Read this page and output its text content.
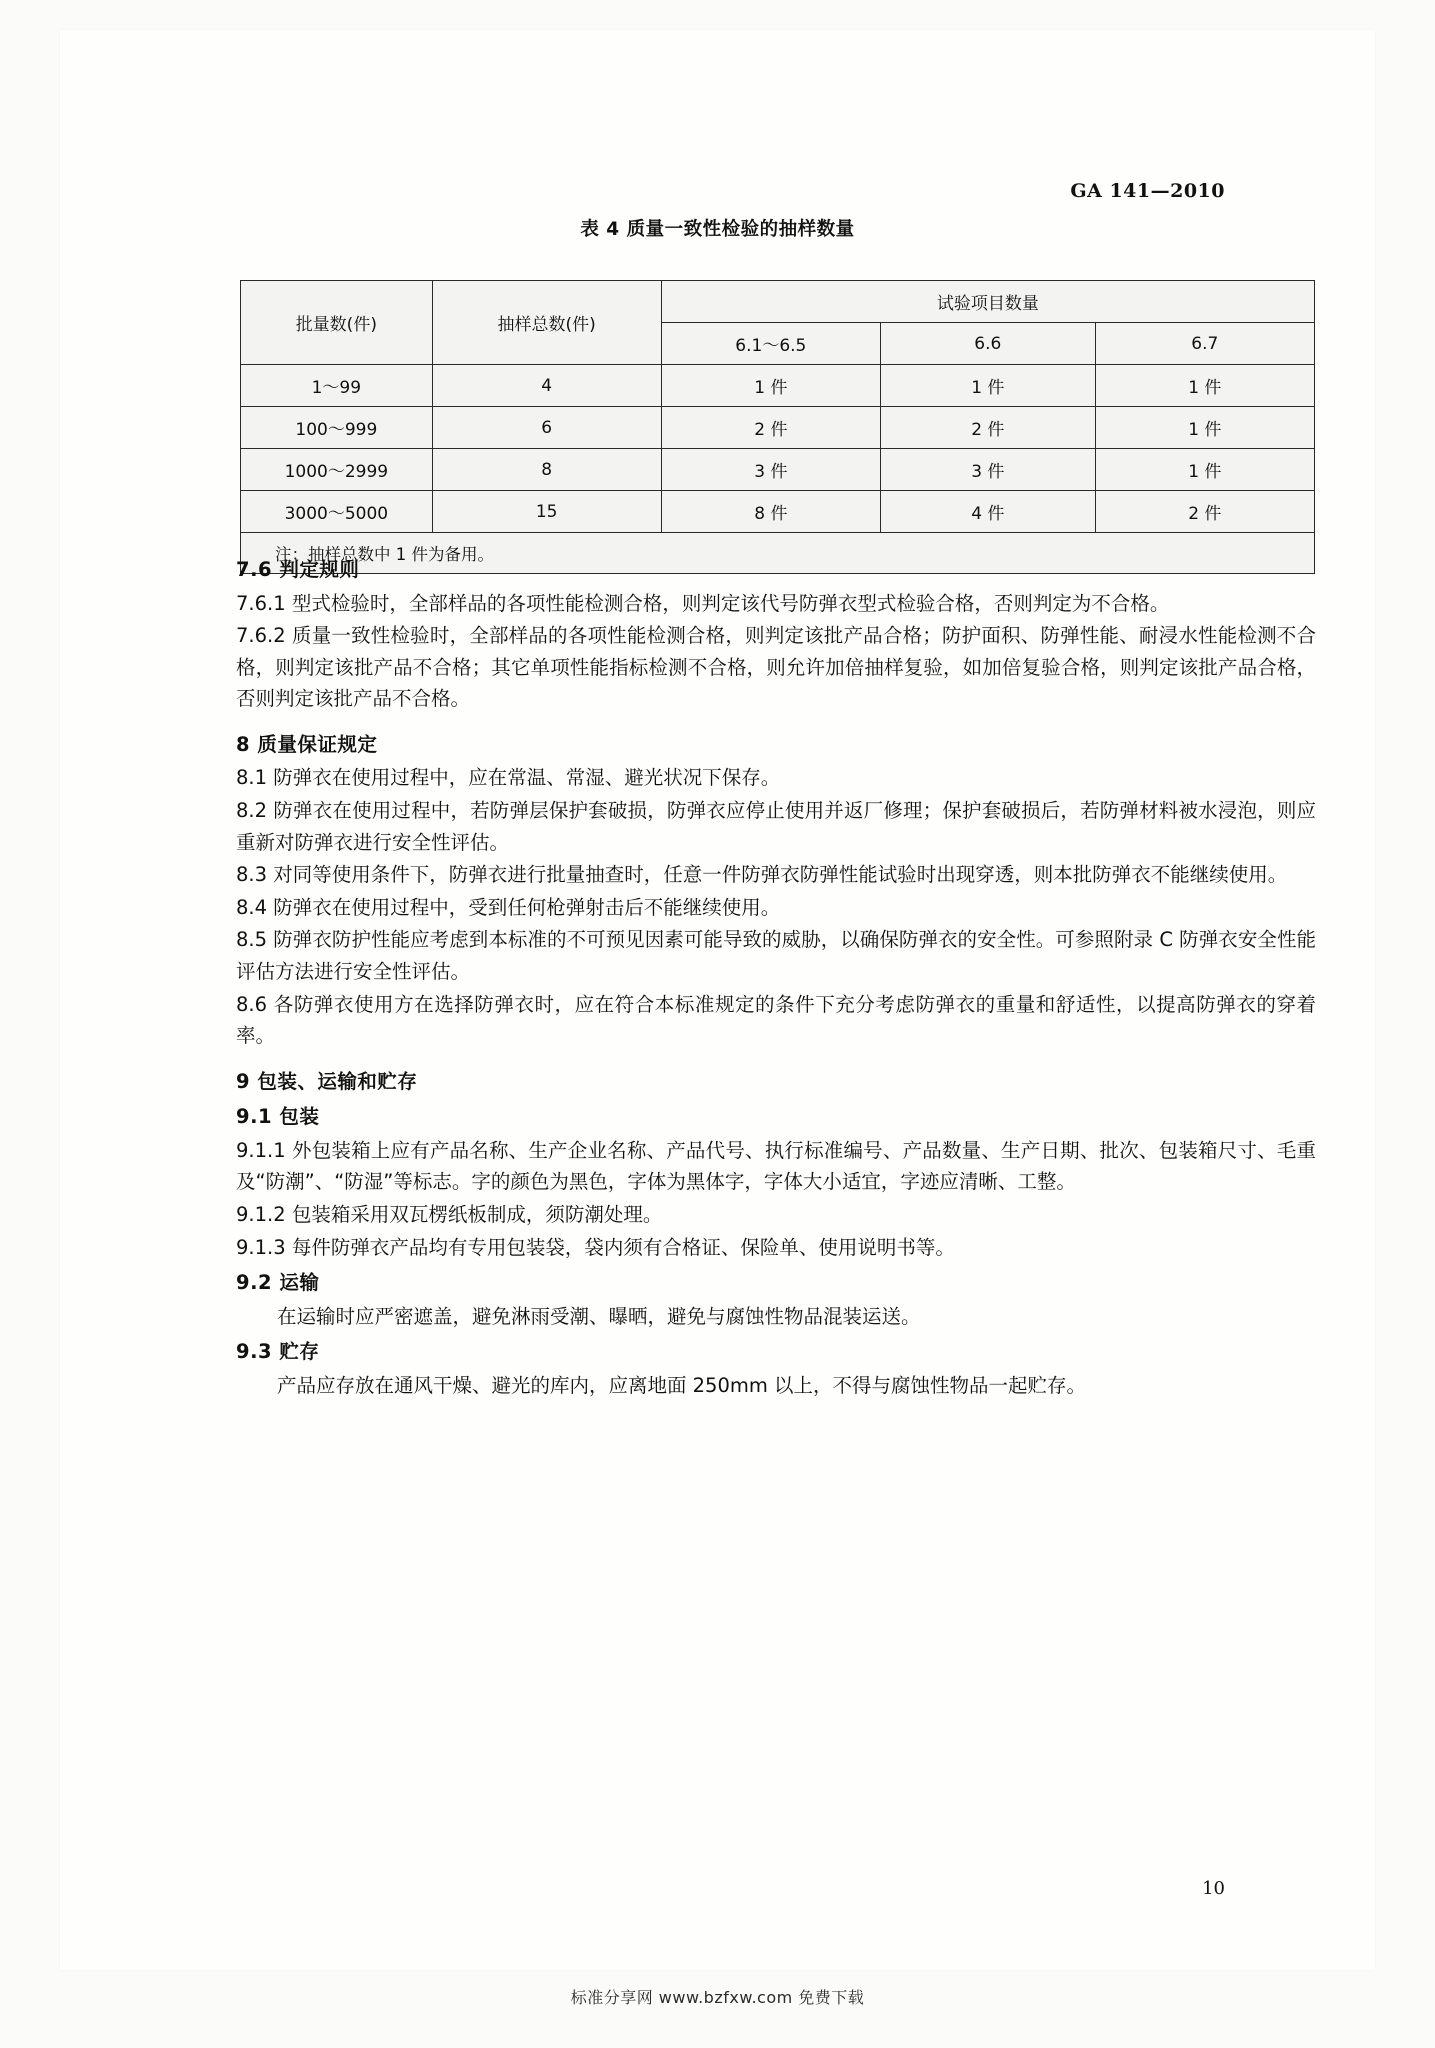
GA 141—2010
表 4 质量一致性检验的抽样数量
批量数(件)	抽样总数(件)	试验项目数量		
		6.1～6.5	6.6	6.7
1～99	4	1 件	1 件	1 件
100～999	6	2 件	2 件	1 件
1000～2999	8	3 件	3 件	1 件
3000～5000	15	8 件	4 件	2 件
注：抽样总数中 1 件为备用。				
7.6 判定规则

7.6.1 型式检验时，全部样品的各项性能检测合格，则判定该代号防弹衣型式检验合格，否则判定为不合格。

7.6.2 质量一致性检验时，全部样品的各项性能检测合格，则判定该批产品合格；防护面积、防弹性能、耐浸水性能检测不合格，则判定该批产品不合格；其它单项性能指标检测不合格，则允许加倍抽样复验，如加倍复验合格，则判定该批产品合格，否则判定该批产品不合格。

8 质量保证规定

8.1 防弹衣在使用过程中，应在常温、常湿、避光状况下保存。

8.2 防弹衣在使用过程中，若防弹层保护套破损，防弹衣应停止使用并返厂修理；保护套破损后，若防弹材料被水浸泡，则应重新对防弹衣进行安全性评估。

8.3 对同等使用条件下，防弹衣进行批量抽查时，任意一件防弹衣防弹性能试验时出现穿透，则本批防弹衣不能继续使用。

8.4 防弹衣在使用过程中，受到任何枪弹射击后不能继续使用。

8.5 防弹衣防护性能应考虑到本标准的不可预见因素可能导致的威胁，以确保防弹衣的安全性。可参照附录 C 防弹衣安全性能评估方法进行安全性评估。

8.6 各防弹衣使用方在选择防弹衣时，应在符合本标准规定的条件下充分考虑防弹衣的重量和舒适性，以提高防弹衣的穿着率。

9 包装、运输和贮存
9.1 包装

9.1.1 外包装箱上应有产品名称、生产企业名称、产品代号、执行标准编号、产品数量、生产日期、批次、包装箱尺寸、毛重及“防潮”、“防湿”等标志。字的颜色为黑色，字体为黑体字，字体大小适宜，字迹应清晰、工整。

9.1.2 包装箱采用双瓦楞纸板制成，须防潮处理。

9.1.3 每件防弹衣产品均有专用包装袋，袋内须有合格证、保险单、使用说明书等。

9.2 运输

在运输时应严密遮盖，避免淋雨受潮、曝晒，避免与腐蚀性物品混装运送。

9.3 贮存

产品应存放在通风干燥、避光的库内，应离地面 250mm 以上，不得与腐蚀性物品一起贮存。

10
标准分享网 www.bzfxw.com 免费下载
